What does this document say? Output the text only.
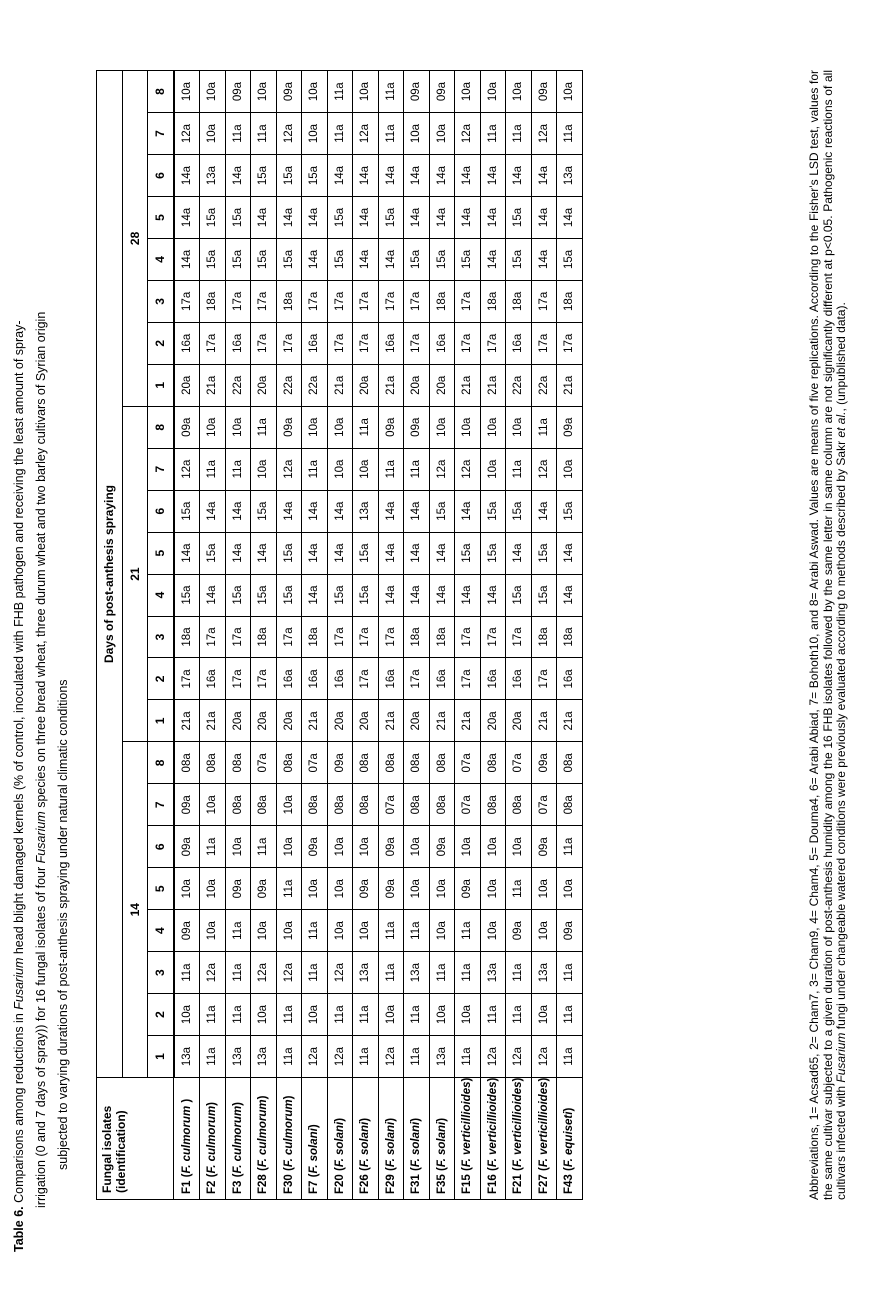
Table 6. Comparisons among reductions in Fusarium head blight damaged kernels (% of control, inoculated with FHB pathogen and receiving the least amount of spray-
irrigation (0 and 7 days of spray)) for 16 fungal isolates of four Fusarium species on three bread wheat, three durum wheat and two barley cultivars of Syrian origin
subjected to varying durations of post-anthesis spraying under natural climatic conditions	Fungal isolates
(identification)	Days of post-anthesis spraying																							
	14								21								28							
	1	2	3	4	5	6	7	8	1	2	3	4	5	6	7	8	1	2	3	4	5	6	7	8
F1 (F. culmorum )	13a	10a	11a	09a	10a	09a	09a	08a	21a	17a	18a	15a	14a	15a	12a	09a	20a	16a	17a	14a	14a	14a	12a	10a
F2 (F. culmorum)	11a	11a	12a	10a	10a	11a	10a	08a	21a	16a	17a	14a	15a	14a	11a	10a	21a	17a	18a	15a	15a	13a	10a	10a
F3 (F. culmorum)	13a	11a	11a	11a	09a	10a	08a	08a	20a	17a	17a	15a	14a	14a	11a	10a	22a	16a	17a	15a	15a	14a	11a	09a
F28 (F. culmorum)	13a	10a	12a	10a	09a	11a	08a	07a	20a	17a	18a	15a	14a	15a	10a	11a	20a	17a	17a	15a	14a	15a	11a	10a
F30 (F. culmorum)	11a	11a	12a	10a	11a	10a	10a	08a	20a	16a	17a	15a	15a	14a	12a	09a	22a	17a	18a	15a	14a	15a	12a	09a
F7 (F. solani)	12a	10a	11a	11a	10a	09a	08a	07a	21a	16a	18a	14a	14a	14a	11a	10a	22a	16a	17a	14a	14a	15a	10a	10a
F20 (F. solani)	12a	11a	12a	10a	10a	10a	08a	09a	20a	16a	17a	15a	14a	14a	10a	10a	21a	17a	17a	15a	15a	14a	11a	11a
F26 (F. solani)	11a	11a	13a	10a	09a	10a	08a	08a	20a	17a	17a	15a	15a	13a	10a	11a	20a	17a	17a	14a	14a	14a	12a	10a
F29 (F. solani)	12a	10a	11a	11a	09a	09a	07a	08a	21a	16a	17a	14a	14a	14a	11a	09a	21a	16a	17a	14a	15a	14a	11a	11a
F31 (F. solani)	11a	11a	13a	11a	10a	10a	08a	08a	20a	17a	18a	14a	14a	14a	11a	09a	20a	17a	17a	15a	14a	14a	10a	09a
F35 (F. solani)	13a	10a	11a	10a	10a	09a	08a	08a	21a	16a	18a	14a	14a	15a	12a	10a	20a	16a	18a	15a	14a	14a	10a	09a
F15 (F. verticillioides)	11a	10a	11a	11a	09a	10a	07a	07a	21a	17a	17a	14a	15a	14a	12a	10a	21a	17a	17a	15a	14a	14a	12a	10a
F16 (F. verticillioides)	12a	11a	13a	10a	10a	10a	08a	08a	20a	16a	17a	14a	15a	15a	10a	10a	21a	17a	18a	14a	14a	14a	11a	10a
F21 (F. verticillioides)	12a	11a	11a	09a	11a	10a	08a	07a	20a	16a	17a	15a	14a	15a	11a	10a	22a	16a	18a	15a	15a	14a	11a	10a
F27 (F. verticillioides)	12a	10a	13a	10a	10a	09a	07a	09a	21a	17a	18a	15a	15a	14a	12a	11a	22a	17a	17a	14a	14a	14a	12a	09a
F43 (F. equiseti)	11a	11a	11a	09a	10a	11a	08a	08a	21a	16a	18a	14a	14a	15a	10a	09a	21a	17a	18a	15a	14a	13a	11a	10a	Abbreviations, 1= Acsad65, 2= Cham7, 3= Cham9, 4= Cham4, 5= Douma4, 6= Arabi Abiad, 7= Bohoth10, and 8= Arabi Aswad. Values are means of five replications. According to the Fisher's LSD test, values for the same cultivar subjected to a given duration of post-anthesis humidity among the 16 FHB isolates followed by the same letter in same column are not significantly different at p<0.05. Pathogenic reactions of all cultivars infected with Fusarium fungi under changeable watered conditions were previously evaluated according to methods described by Sakr et al., (unpublished data).
